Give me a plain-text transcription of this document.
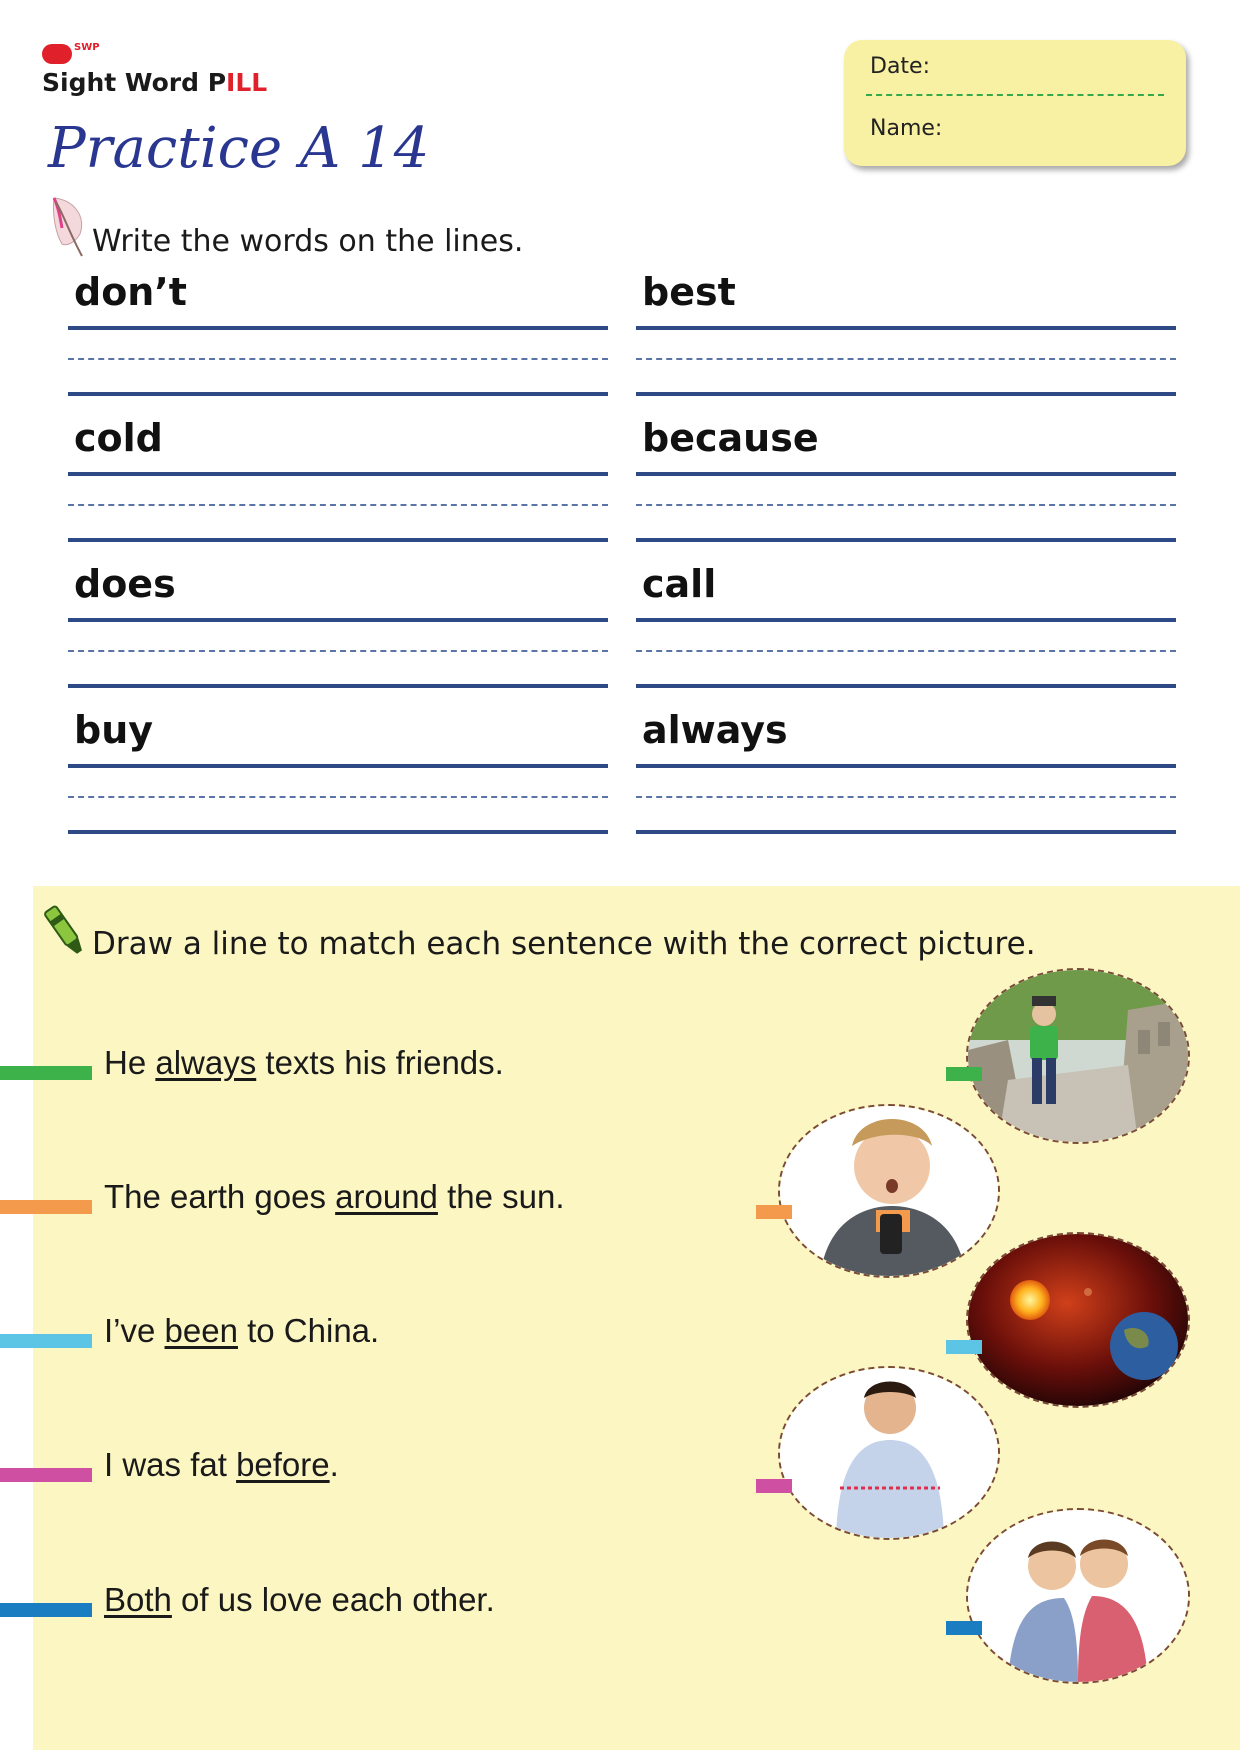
SWP
Sight Word PILL
Practice A 14
Date:
Name:
Write the words on the lines.
don’t
cold
does
buy
best
because
call
always
Draw a line to match each sentence with the correct picture.
He always texts his friends.
The earth goes around the sun.
I’ve been to China.
I was fat before.
Both of us love each other.
